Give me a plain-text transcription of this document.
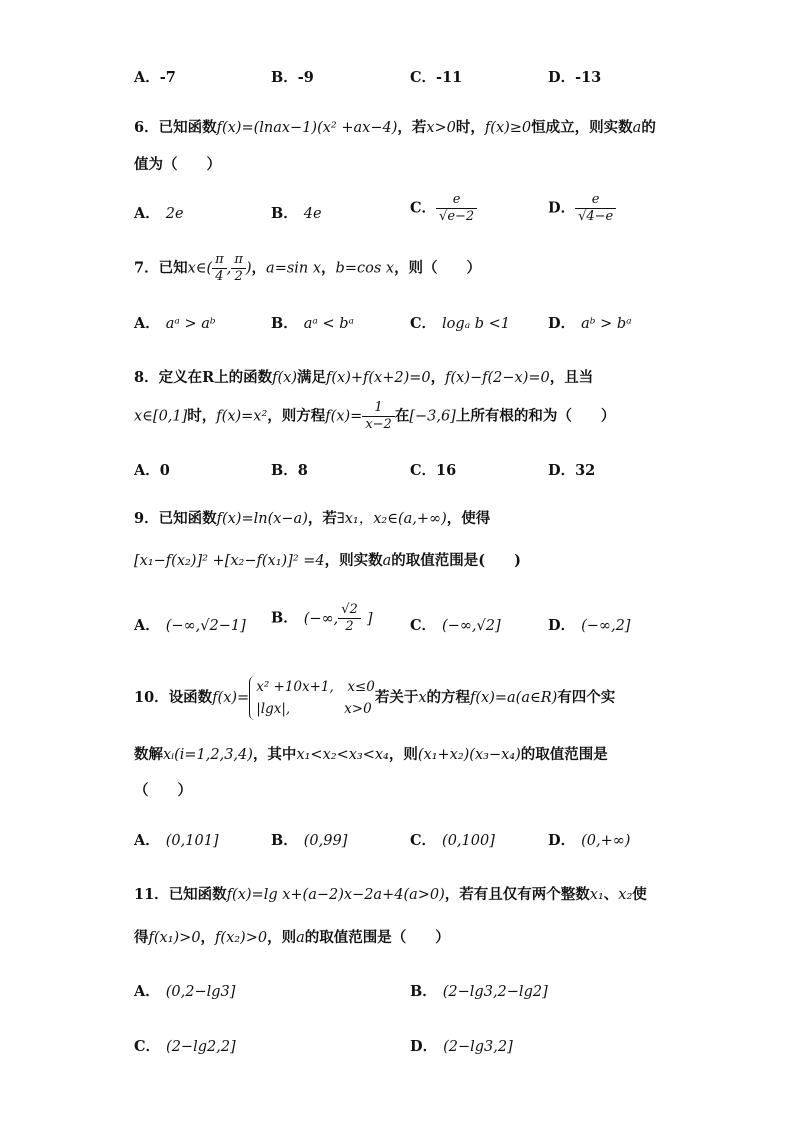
A．-7	B．-9	C．-11	D．-13
6．已知函数f(x)=(lnax−1)(x² +ax−4)，若x>0时，f(x)≥0恒成立，则实数a的
值为（　　）
A． 2e	B． 4e	C． $\frac{e}{√e-2}$	D． $\frac{e}{√4-e}$
7．已知x∈( $\frac{\pi}{4}$ , $\frac{\pi}{2}$ )，a=sin x，b=cos x，则（　　）
A． aᵃ > aᵇ	B． aᵃ < bᵃ	C． logₐ b <1	D． aᵇ > bᵃ
8．定义在R上的函数f(x)满足f(x)+f(x+2)=0，f(x)−f(2−x)=0，且当
x∈[0,1]时，f(x)=x²，则方程$f(x)= \frac{1}{x-2}$ 在[−3,6]上所有根的和为（　　）
A．0	B．8	C．16	D．32
9．已知函数f(x)=ln(x−a)，若∃x₁，x₂∈(a,+∞)，使得
[x₁−f(x₂)]² +[x₂−f(x₁)]² =4，则实数a的取值范围是(　　)
A． (−∞,√2−1] B． (−∞, $\frac{√2}{2}$ ]	C． (−∞,√2]	D． (−∞,2]
10．设函数f(x)=
x² +10x+1,　x≤0
|lgx|,　　　　x>0
若关于x的方程f(x)=a(a∈R)有四个实
数解xᵢ(i=1,2,3,4)，其中x₁<x₂<x₃<x₄，则(x₁+x₂)(x₃−x₄)的取值范围是
（　　）
A． (0,101]	B． (0,99]	C． (0,100]	D． (0,+∞)
11．已知函数f(x)=lg x+(a−2)x−2a+4(a>0)，若有且仅有两个整数x₁、x₂使
得f(x₁)>0，f(x₂)>0，则a的取值范围是（　　）
A． (0,2−lg3]	B． (2−lg3,2−lg2]
C． (2−lg2,2]	D． (2−lg3,2]
